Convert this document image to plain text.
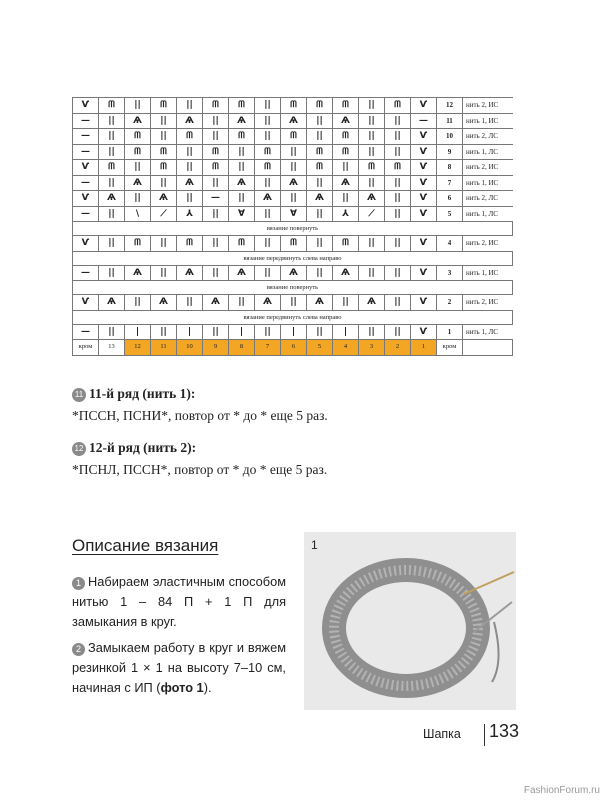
Ѵ	ᗰ	||	ᗰ	||	ᗰ	ᗰ	||	ᗰ	ᗰ	ᗰ	||	ᗰ	Ѵ	12	нить 2, ИС
—	||	Ѧ	||	Ѧ	||	Ѧ	||	Ѧ	||	Ѧ	||	||	—	11	нить 1, ИС
—	||	ᗰ	||	ᗰ	||	ᗰ	||	ᗰ	||	ᗰ	||	||	Ѵ	10	нить 2, ЛС
—	||	ᗰ	ᗰ	||	ᗰ	||	ᗰ	||	ᗰ	ᗰ	||	||	Ѵ	9	нить 1, ЛС
Ѵ	ᗰ	||	ᗰ	||	ᗰ	||	ᗰ	||	ᗰ	||	ᗰ	ᗰ	Ѵ	8	нить 2, ИС
—	||	Ѧ	||	Ѧ	||	Ѧ	||	Ѧ	||	Ѧ	||	||	Ѵ	7	нить 1, ИС
Ѵ	Ѧ	||	Ѧ	||	—	||	Ѧ	||	Ѧ	||	Ѧ	||	Ѵ	6	нить 2, ЛС
—	||	\	⟋	⅄	||	∀	||	∀	||	⅄	⟋	||	Ѵ	5	нить 1, ЛС
вязание повернуть															
Ѵ	||	ᗰ	||	ᗰ	||	ᗰ	||	ᗰ	||	ᗰ	||	||	Ѵ	4	нить 2, ИС
вязание передвинуть слева направо															
—	||	Ѧ	||	Ѧ	||	Ѧ	||	Ѧ	||	Ѧ	||	||	Ѵ	3	нить 1, ИС
вязание повернуть															
Ѵ	Ѧ	||	Ѧ	||	Ѧ	||	Ѧ	||	Ѧ	||	Ѧ	||	Ѵ	2	нить 2, ИС
вязание передвинуть слева направо															
—	||	|	||	|	||	|	||	|	||	|	||	||	Ѵ	1	нить 1, ЛС
кром	13	12	11	10	9	8	7	6	5	4	3	2	1	кром	
11 11-й ряд (нить 1):
*ПССН, ПСНИ*, повтор от * до * еще 5 раз.
12 12-й ряд (нить 2):
*ПСНЛ, ПССН*, повтор от * до * еще 5 раз.
Описание вязания
1 Набираем эластичным способом нитью 1 – 84 П + 1 П для замыкания в круг.
2 Замыкаем работу в круг и вяжем резинкой 1 × 1 на высоту 7–10 см, начиная с ИП (фото 1).
1
Шапка 133
FashionForum.ru
